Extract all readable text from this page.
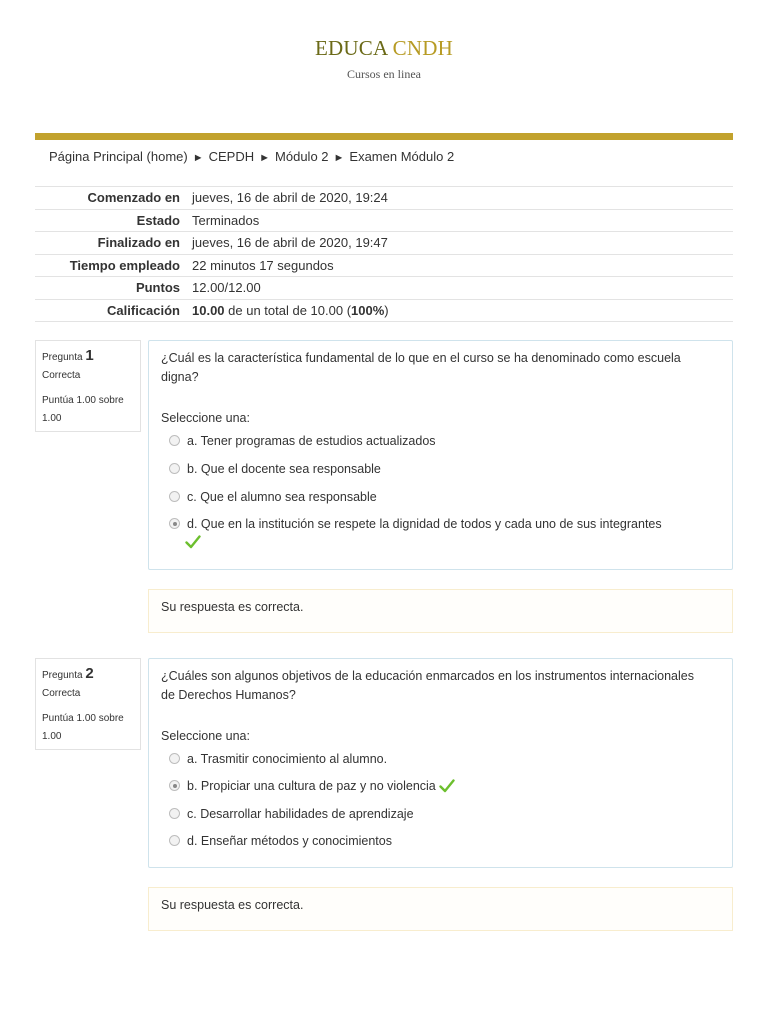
EDUCA CNDH
Cursos en linea
Página Principal (home) ► CEPDH ► Módulo 2 ► Examen Módulo 2
Comenzado en	jueves, 16 de abril de 2020, 19:24
Estado	Terminados
Finalizado en	jueves, 16 de abril de 2020, 19:47
Tiempo empleado	22 minutos 17 segundos
Puntos	12.00/12.00
Calificación	10.00 de un total de 10.00 (100%)
Pregunta 1
Correcta
Puntúa 1.00 sobre 1.00
¿Cuál es la característica fundamental de lo que en el curso se ha denominado como escuela digna?
Seleccione una:
a. Tener programas de estudios actualizados
b. Que el docente sea responsable
c. Que el alumno sea responsable
d. Que en la institución se respete la dignidad de todos y cada uno de sus integrantes
Su respuesta es correcta.
Pregunta 2
Correcta
Puntúa 1.00 sobre 1.00
¿Cuáles son algunos objetivos de la educación enmarcados en los instrumentos internacionales de Derechos Humanos?
Seleccione una:
a. Trasmitir conocimiento al alumno.
b. Propiciar una cultura de paz y no violencia
c. Desarrollar habilidades de aprendizaje
d. Enseñar métodos y conocimientos
Su respuesta es correcta.
